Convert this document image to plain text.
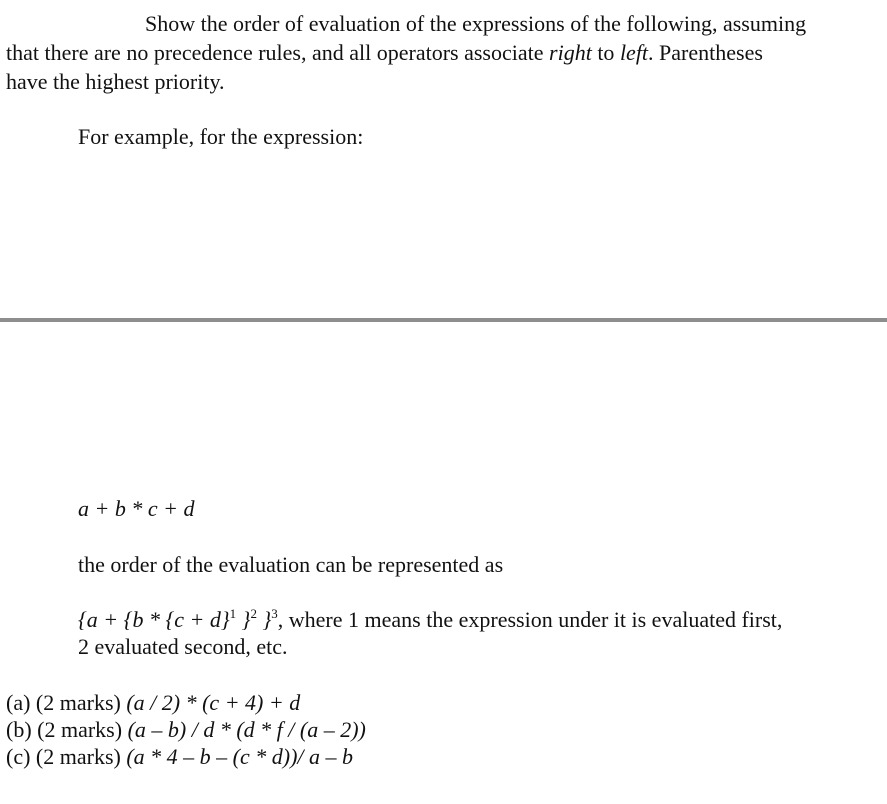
Show the order of evaluation of the expressions of the following, assuming
that there are no precedence rules, and all operators associate right to left. Parentheses
have the highest priority.
For example, for the expression:
a + b * c + d
the order of the evaluation can be represented as
{$a + \{b * \{c + d\}^1$ }$^2$ }$^3$, where 1 means the expression under it is evaluated first,
2 evaluated second, etc.
(a) (2 marks) (a / 2) * (c + 4) + d
(b) (2 marks) (a – b) / d * (d * f / (a – 2))
(c) (2 marks) (a * 4 – b – (c * d))/ a – b
